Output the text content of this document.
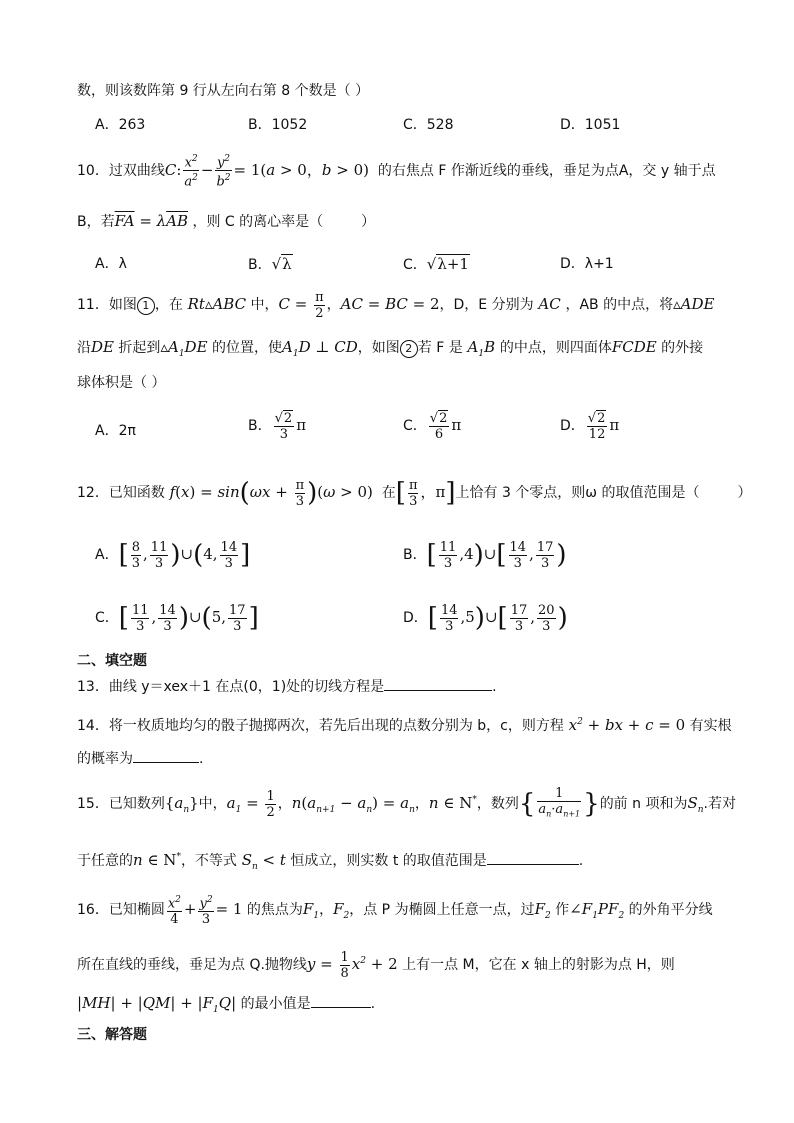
数，则该数阵第 9 行从左向右第 8 个数是（ ）
A．263	B．1052	C．528	D．1051
10．过双曲线C: $\frac{x^2}{a^2} - \frac{y^2}{b^2} = 1(a > 0$，b > 0)  的右焦点 F 作渐近线的垂线，垂足为点A，交 y 轴于点
B，若$\overline{FA} = \lambda\overline{AB}$ ，则 C 的离心率是（	）
A．λ	B．√λ	C．√λ+1	D．λ+1
11．如图 1 ，在 Rt▵ABC 中，$C = \frac{\pi}{2}$ ，AC = BC = 2，D，E 分别为 AC ，AB 的中点，将▵ADE
沿DE 折起到$▵A_1DE$ 的位置，使$A_1D$ ⊥ CD，如图 2 若 F 是 $A_1B$ 的中点，则四面体FCDE 的外接
球体积是（ ）
A．2π	B． $\frac{√2}{3}$ π	C． $\frac{√2}{6}$ π	D． $\frac{√2}{12}$ π
12．已知函数 $f(x) = \sin(\omega x + \frac{\pi}{3} )(\omega > 0)$  在[ $\frac{\pi}{3}$ ，π]上恰有 3 个零点，则ω 的取值范围是（	）
A．[ $\frac{8}{3}$ , $\frac{11}{3}$ )∪(4, $\frac{14}{3}$ ]	B．[ $\frac{11}{3}$ ,4)∪[ $\frac{14}{3}$ , $\frac{17}{3}$ )
C．[ $\frac{11}{3}$ , $\frac{14}{3}$ )∪(5, $\frac{17}{3}$ ]	D．[ $\frac{14}{3}$ ,5)∪[ $\frac{17}{3}$ , $\frac{20}{3}$ )
二、填空题
13．曲线 y＝xex＋1 在点(0，1)处的切线方程是	.
14．将一枚质地均匀的骰子抛掷两次，若先后出现的点数分别为 b，c，则方程 $x^2$ + bx + c = 0 有实根
的概率为	.
15．已知数列$\{a_n\}$中，$a_1 = \frac{1}{2}$ ，$n(a_{n+1} - a_n) = a_n$，n ∈ N*，数列{ $\frac{1}{a_n\cdot a_{n+1}}$ }的前 n 项和为$S_n$.若对
于任意的n ∈ N*，不等式 $S_n < t$ 恒成立，则实数 t 的取值范围是	.
16．已知椭圆 $\frac{x^2}{4} + \frac{y^2}{3} = 1$ 的焦点为$F_1$，$F_2$，点 P 为椭圆上任意一点，过$F_2$ 作$\angle F_1PF_2$ 的外角平分线
所在直线的垂线，垂足为点 Q.抛物线$y = \frac{1}{8} x^2 + 2$ 上有一点 M，它在 x 轴上的射影为点 H，则
$|MH| + |QM| + |F_1Q|$ 的最小值是	.
三、解答题
